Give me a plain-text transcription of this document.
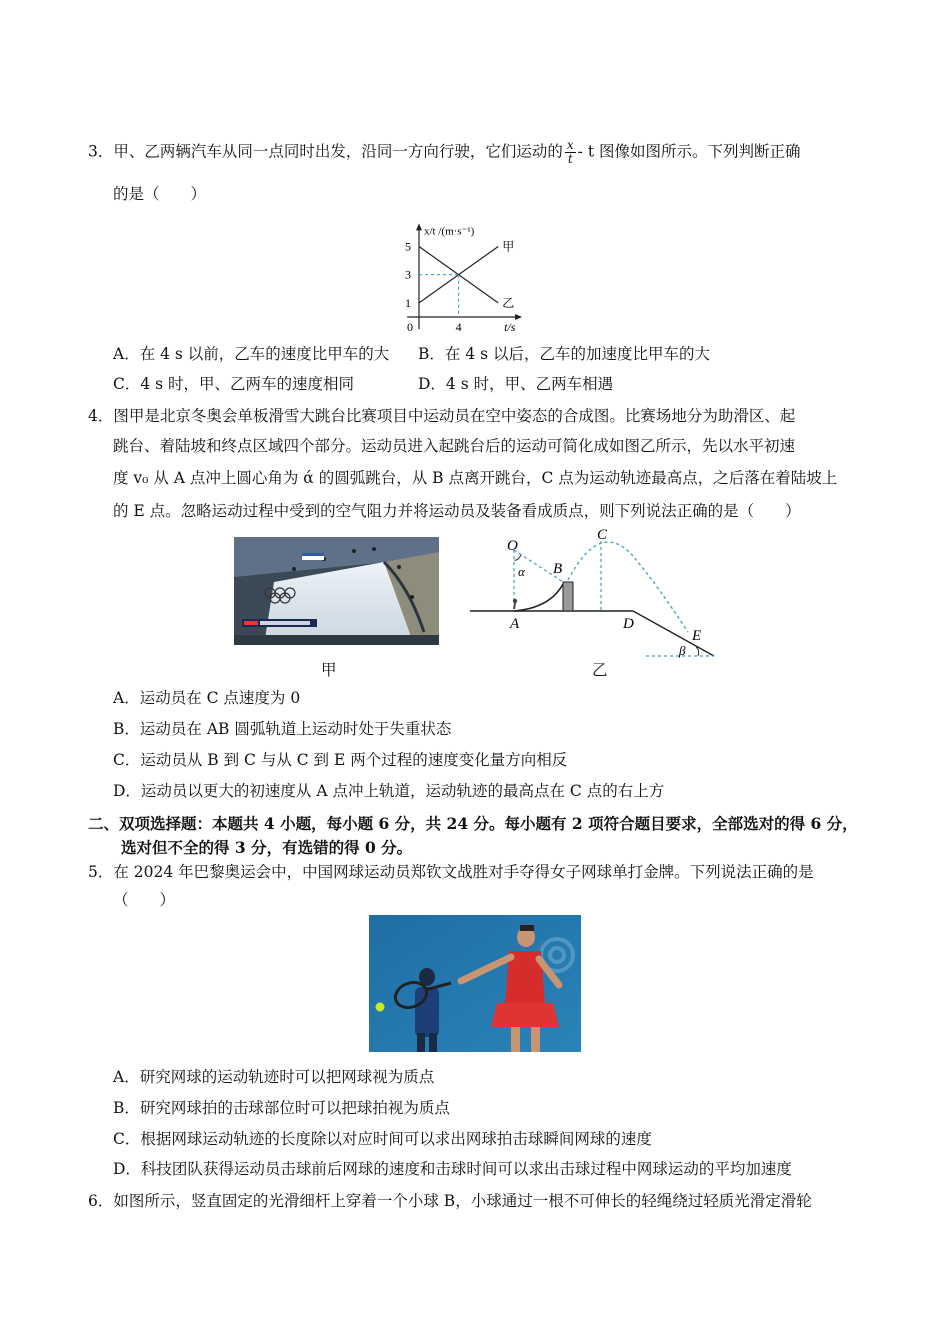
3．甲、乙两辆汽车从同一点同时出发，沿同一方向行驶，它们运动的 $\frac{x}{t}$ - t 图像如图所示。下列判断正确
的是（　　）
1
3
5
4
0
甲
乙
t/s
x/t /(m·s⁻¹)
A．在 4 s 以前，乙车的速度比甲车的大 B．在 4 s 以后，乙车的加速度比甲车的大
C．4 s 时，甲、乙两车的速度相同	D．4 s 时，甲、乙两车相遇
4．图甲是北京冬奥会单板滑雪大跳台比赛项目中运动员在空中姿态的合成图。比赛场地分为助滑区、起
跳台、着陆坡和终点区域四个部分。运动员进入起跳台后的运动可简化成如图乙所示，先以水平初速
度 v₀ 从 A 点冲上圆心角为 ά 的圆弧跳台，从 B 点离开跳台，C 点为运动轨迹最高点，之后落在着陆坡上
的 E 点。忽略运动过程中受到的空气阻力并将运动员及装备看成质点，则下列说法正确的是（　　）
甲
O
α B
C
A	D
E
β
乙
A．运动员在 C 点速度为 0
B．运动员在 AB 圆弧轨道上运动时处于失重状态
C．运动员从 B 到 C 与从 C 到 E 两个过程的速度变化量方向相反
D．运动员以更大的初速度从 A 点冲上轨道，运动轨迹的最高点在 C 点的右上方
二、双项选择题：本题共 4 小题，每小题 6 分，共 24 分。每小题有 2 项符合题目要求，全部选对的得 6 分，
选对但不全的得 3 分，有选错的得 0 分。
5．在 2024 年巴黎奥运会中，中国网球运动员郑钦文战胜对手夺得女子网球单打金牌。下列说法正确的是
（　　）
A．研究网球的运动轨迹时可以把网球视为质点
B．研究网球拍的击球部位时可以把球拍视为质点
C．根据网球运动轨迹的长度除以对应时间可以求出网球拍击球瞬间网球的速度
D．科技团队获得运动员击球前后网球的速度和击球时间可以求出击球过程中网球运动的平均加速度
6．如图所示，竖直固定的光滑细杆上穿着一个小球 B，小球通过一根不可伸长的轻绳绕过轻质光滑定滑轮
